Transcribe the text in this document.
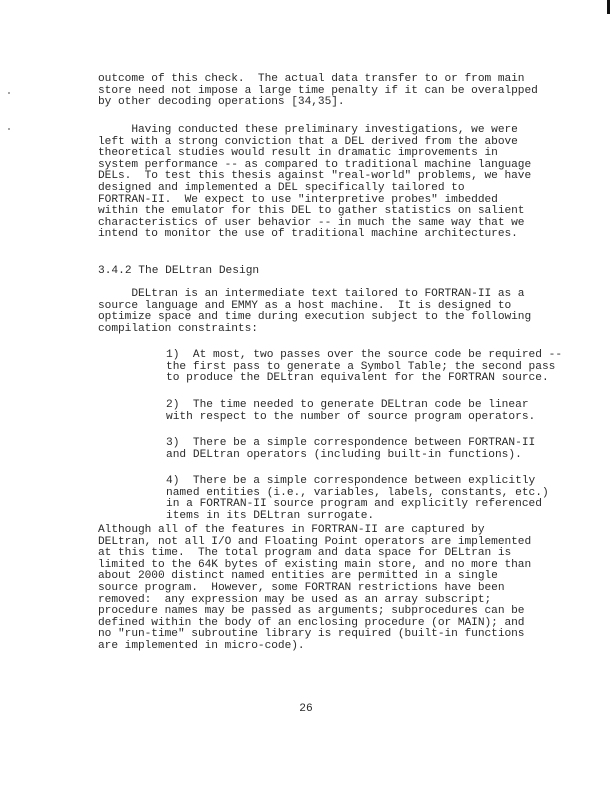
outcome of this check.  The actual data transfer to or from main
store need not impose a large time penalty if it can be overalpped
by other decoding operations [34,35].

Having conducted these preliminary investigations, we were
left with a strong conviction that a DEL derived from the above
theoretical studies would result in dramatic improvements in
system performance -- as compared to traditional machine language
DELs.  To test this thesis against "real-world" problems, we have
designed and implemented a DEL specifically tailored to
FORTRAN-II.  We expect to use "interpretive probes" imbedded
within the emulator for this DEL to gather statistics on salient
characteristics of user behavior -- in much the same way that we
intend to monitor the use of traditional machine architectures.

3.4.2 The DELtran Design

DELtran is an intermediate text tailored to FORTRAN-II as a
source language and EMMY as a host machine.  It is designed to
optimize space and time during execution subject to the following
compilation constraints:

1)  At most, two passes over the source code be required --
the first pass to generate a Symbol Table; the second pass
to produce the DELtran equivalent for the FORTRAN source.

2)  The time needed to generate DELtran code be linear
with respect to the number of source program operators.

3)  There be a simple correspondence between FORTRAN-II
and DELtran operators (including built-in functions).

4)  There be a simple correspondence between explicitly
named entities (i.e., variables, labels, constants, etc.)
in a FORTRAN-II source program and explicitly referenced
items in its DELtran surrogate.

Although all of the features in FORTRAN-II are captured by
DELtran, not all I/O and Floating Point operators are implemented
at this time.  The total program and data space for DELtran is
limited to the 64K bytes of existing main store, and no more than
about 2000 distinct named entities are permitted in a single
source program.  However, some FORTRAN restrictions have been
removed:  any expression may be used as an array subscript;
procedure names may be passed as arguments; subprocedures can be
defined within the body of an enclosing procedure (or MAIN); and
no "run-time" subroutine library is required (built-in functions
are implemented in micro-code).

26
